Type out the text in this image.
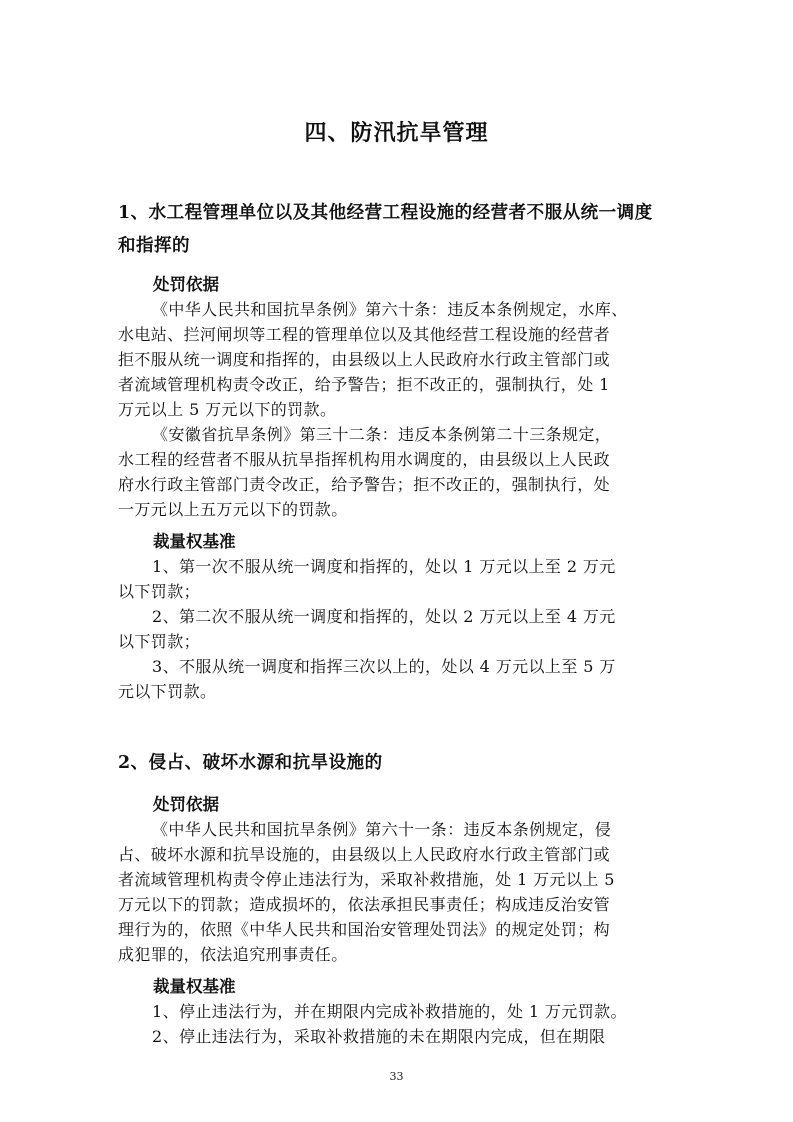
四、防汛抗旱管理
1、水工程管理单位以及其他经营工程设施的经营者不服从统一调度
和指挥的
处罚依据
《中华人民共和国抗旱条例》第六十条：违反本条例规定，水库、
水电站、拦河闸坝等工程的管理单位以及其他经营工程设施的经营者
拒不服从统一调度和指挥的，由县级以上人民政府水行政主管部门或
者流域管理机构责令改正，给予警告；拒不改正的，强制执行，处 1
万元以上 5 万元以下的罚款。
《安徽省抗旱条例》第三十二条：违反本条例第二十三条规定，
水工程的经营者不服从抗旱指挥机构用水调度的，由县级以上人民政
府水行政主管部门责令改正，给予警告；拒不改正的，强制执行，处
一万元以上五万元以下的罚款。
裁量权基准
1、第一次不服从统一调度和指挥的，处以 1 万元以上至 2 万元
以下罚款；
2、第二次不服从统一调度和指挥的，处以 2 万元以上至 4 万元
以下罚款；
3、不服从统一调度和指挥三次以上的，处以 4 万元以上至 5 万
元以下罚款。
2、侵占、破坏水源和抗旱设施的
处罚依据
《中华人民共和国抗旱条例》第六十一条：违反本条例规定，侵
占、破坏水源和抗旱设施的，由县级以上人民政府水行政主管部门或
者流域管理机构责令停止违法行为，采取补救措施，处 1 万元以上 5
万元以下的罚款；造成损坏的，依法承担民事责任；构成违反治安管
理行为的，依照《中华人民共和国治安管理处罚法》的规定处罚；构
成犯罪的，依法追究刑事责任。
裁量权基准
1、停止违法行为，并在期限内完成补救措施的，处 1 万元罚款。
2、停止违法行为，采取补救措施的未在期限内完成，但在期限
33
